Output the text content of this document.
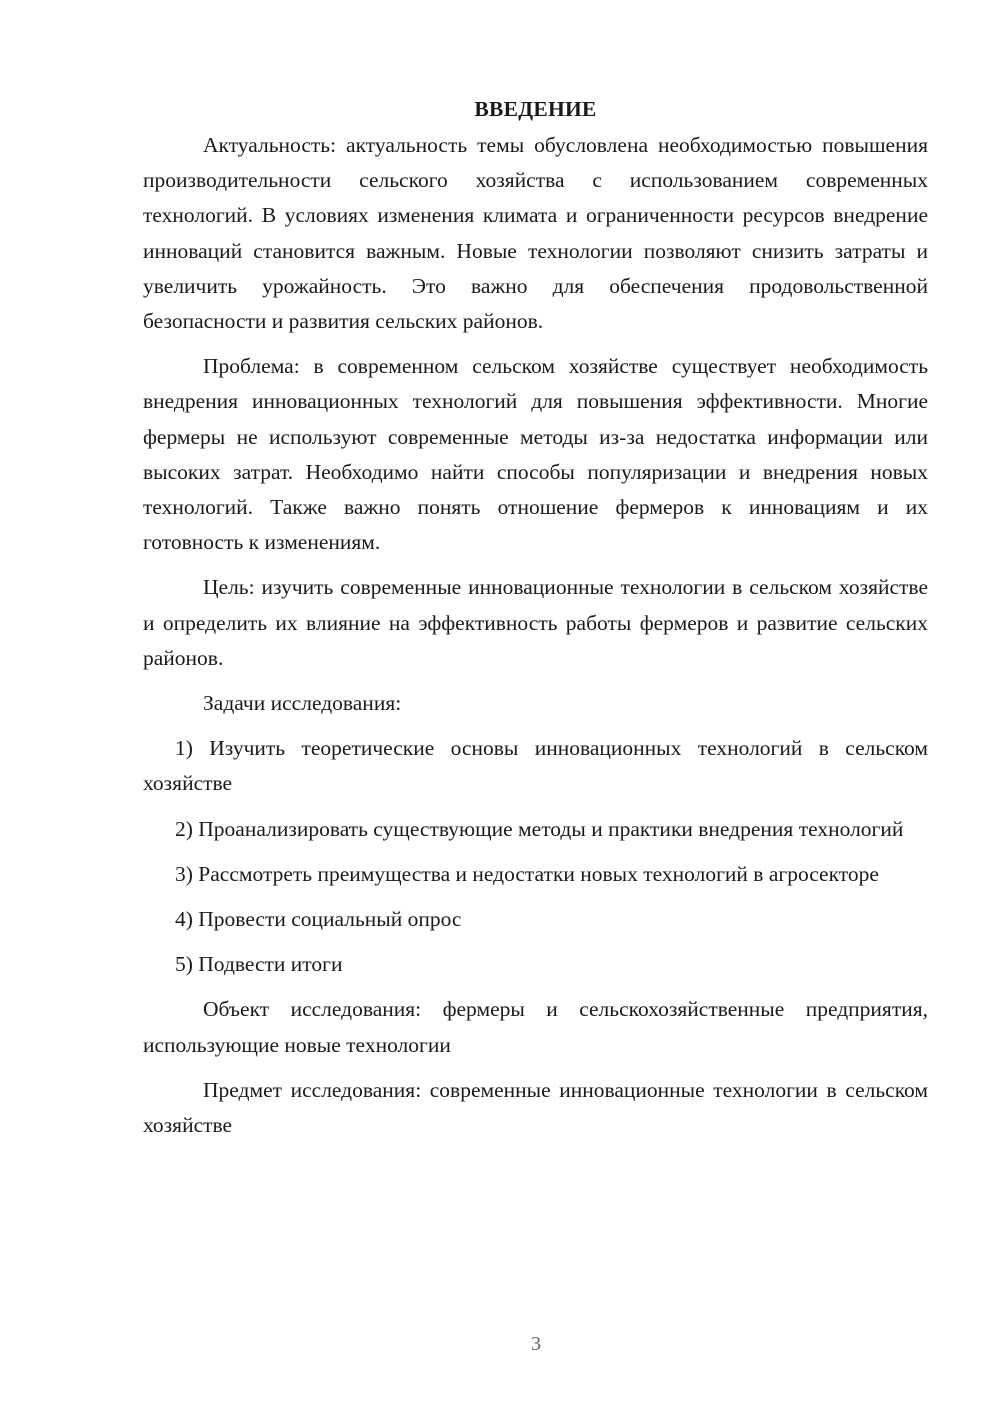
ВВЕДЕНИЕ

Актуальность: актуальность темы обусловлена необходимостью повышения производительности сельского хозяйства с использованием современных технологий. В условиях изменения климата и ограниченности ресурсов внедрение инноваций становится важным. Новые технологии позволяют снизить затраты и увеличить урожайность. Это важно для обеспечения продовольственной безопасности и развития сельских районов.

Проблема: в современном сельском хозяйстве существует необходимость внедрения инновационных технологий для повышения эффективности. Многие фермеры не используют современные методы из-за недостатка информации или высоких затрат. Необходимо найти способы популяризации и внедрения новых технологий. Также важно понять отношение фермеров к инновациям и их готовность к изменениям.

Цель: изучить современные инновационные технологии в сельском хозяйстве и определить их влияние на эффективность работы фермеров и развитие сельских районов.

Задачи исследования:

1) Изучить теоретические основы инновационных технологий в сельском хозяйстве

2) Проанализировать существующие методы и практики внедрения технологий

3) Рассмотреть преимущества и недостатки новых технологий в агросекторе

4) Провести социальный опрос

5) Подвести итоги

Объект исследования: фермеры и сельскохозяйственные предприятия, использующие новые технологии

Предмет исследования: современные инновационные технологии в сельском хозяйстве

3
